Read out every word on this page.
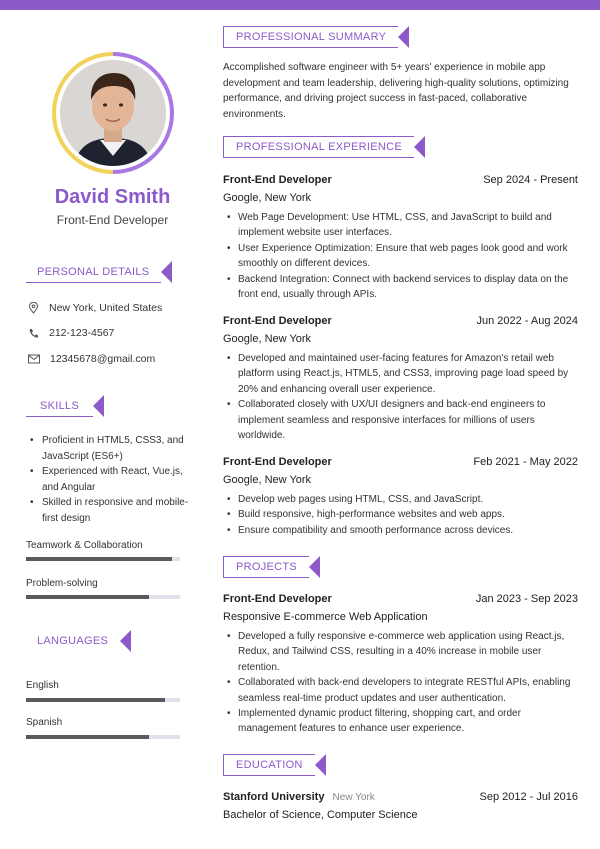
David Smith
Front-End Developer
PERSONAL DETAILS
New York, United States
212-123-4567
12345678@gmail.com
SKILLS
• Proficient in HTML5, CSS3, and JavaScript (ES6+)
• Experienced with React, Vue.js, and Angular
• Skilled in responsive and mobile-first design
Teamwork & Collaboration
Problem-solving
LANGUAGES
English
Spanish
PROFESSIONAL SUMMARY
Accomplished software engineer with 5+ years' experience in mobile app development and team leadership, delivering high-quality solutions, optimizing performance, and driving project success in fast-paced, collaborative environments.
PROFESSIONAL EXPERIENCE
Front-End Developer	Sep 2024 - Present
Google, New York
• Web Page Development: Use HTML, CSS, and JavaScript to build and implement website user interfaces.
• User Experience Optimization: Ensure that web pages look good and work smoothly on different devices.
• Backend Integration: Connect with backend services to display data on the front end, usually through APIs.
Front-End Developer	Jun 2022 - Aug 2024
Google, New York
• Developed and maintained user-facing features for Amazon's retail web platform using React.js, HTML5, and CSS3, improving page load speed by 20% and enhancing overall user experience.
• Collaborated closely with UX/UI designers and back-end engineers to implement seamless and responsive interfaces for millions of users worldwide.
Front-End Developer	Feb 2021 - May 2022
Google, New York
• Develop web pages using HTML, CSS, and JavaScript.
• Build responsive, high-performance websites and web apps.
• Ensure compatibility and smooth performance across devices.
PROJECTS
Front-End Developer	Jan 2023 - Sep 2023
Responsive E-commerce Web Application
• Developed a fully responsive e-commerce web application using React.js, Redux, and Tailwind CSS, resulting in a 40% increase in mobile user retention.
• Collaborated with back-end developers to integrate RESTful APIs, enabling seamless real-time product updates and user authentication.
• Implemented dynamic product filtering, shopping cart, and order management features to enhance user experience.
EDUCATION
Stanford University New York	Sep 2012 - Jul 2016
Bachelor of Science, Computer Science
